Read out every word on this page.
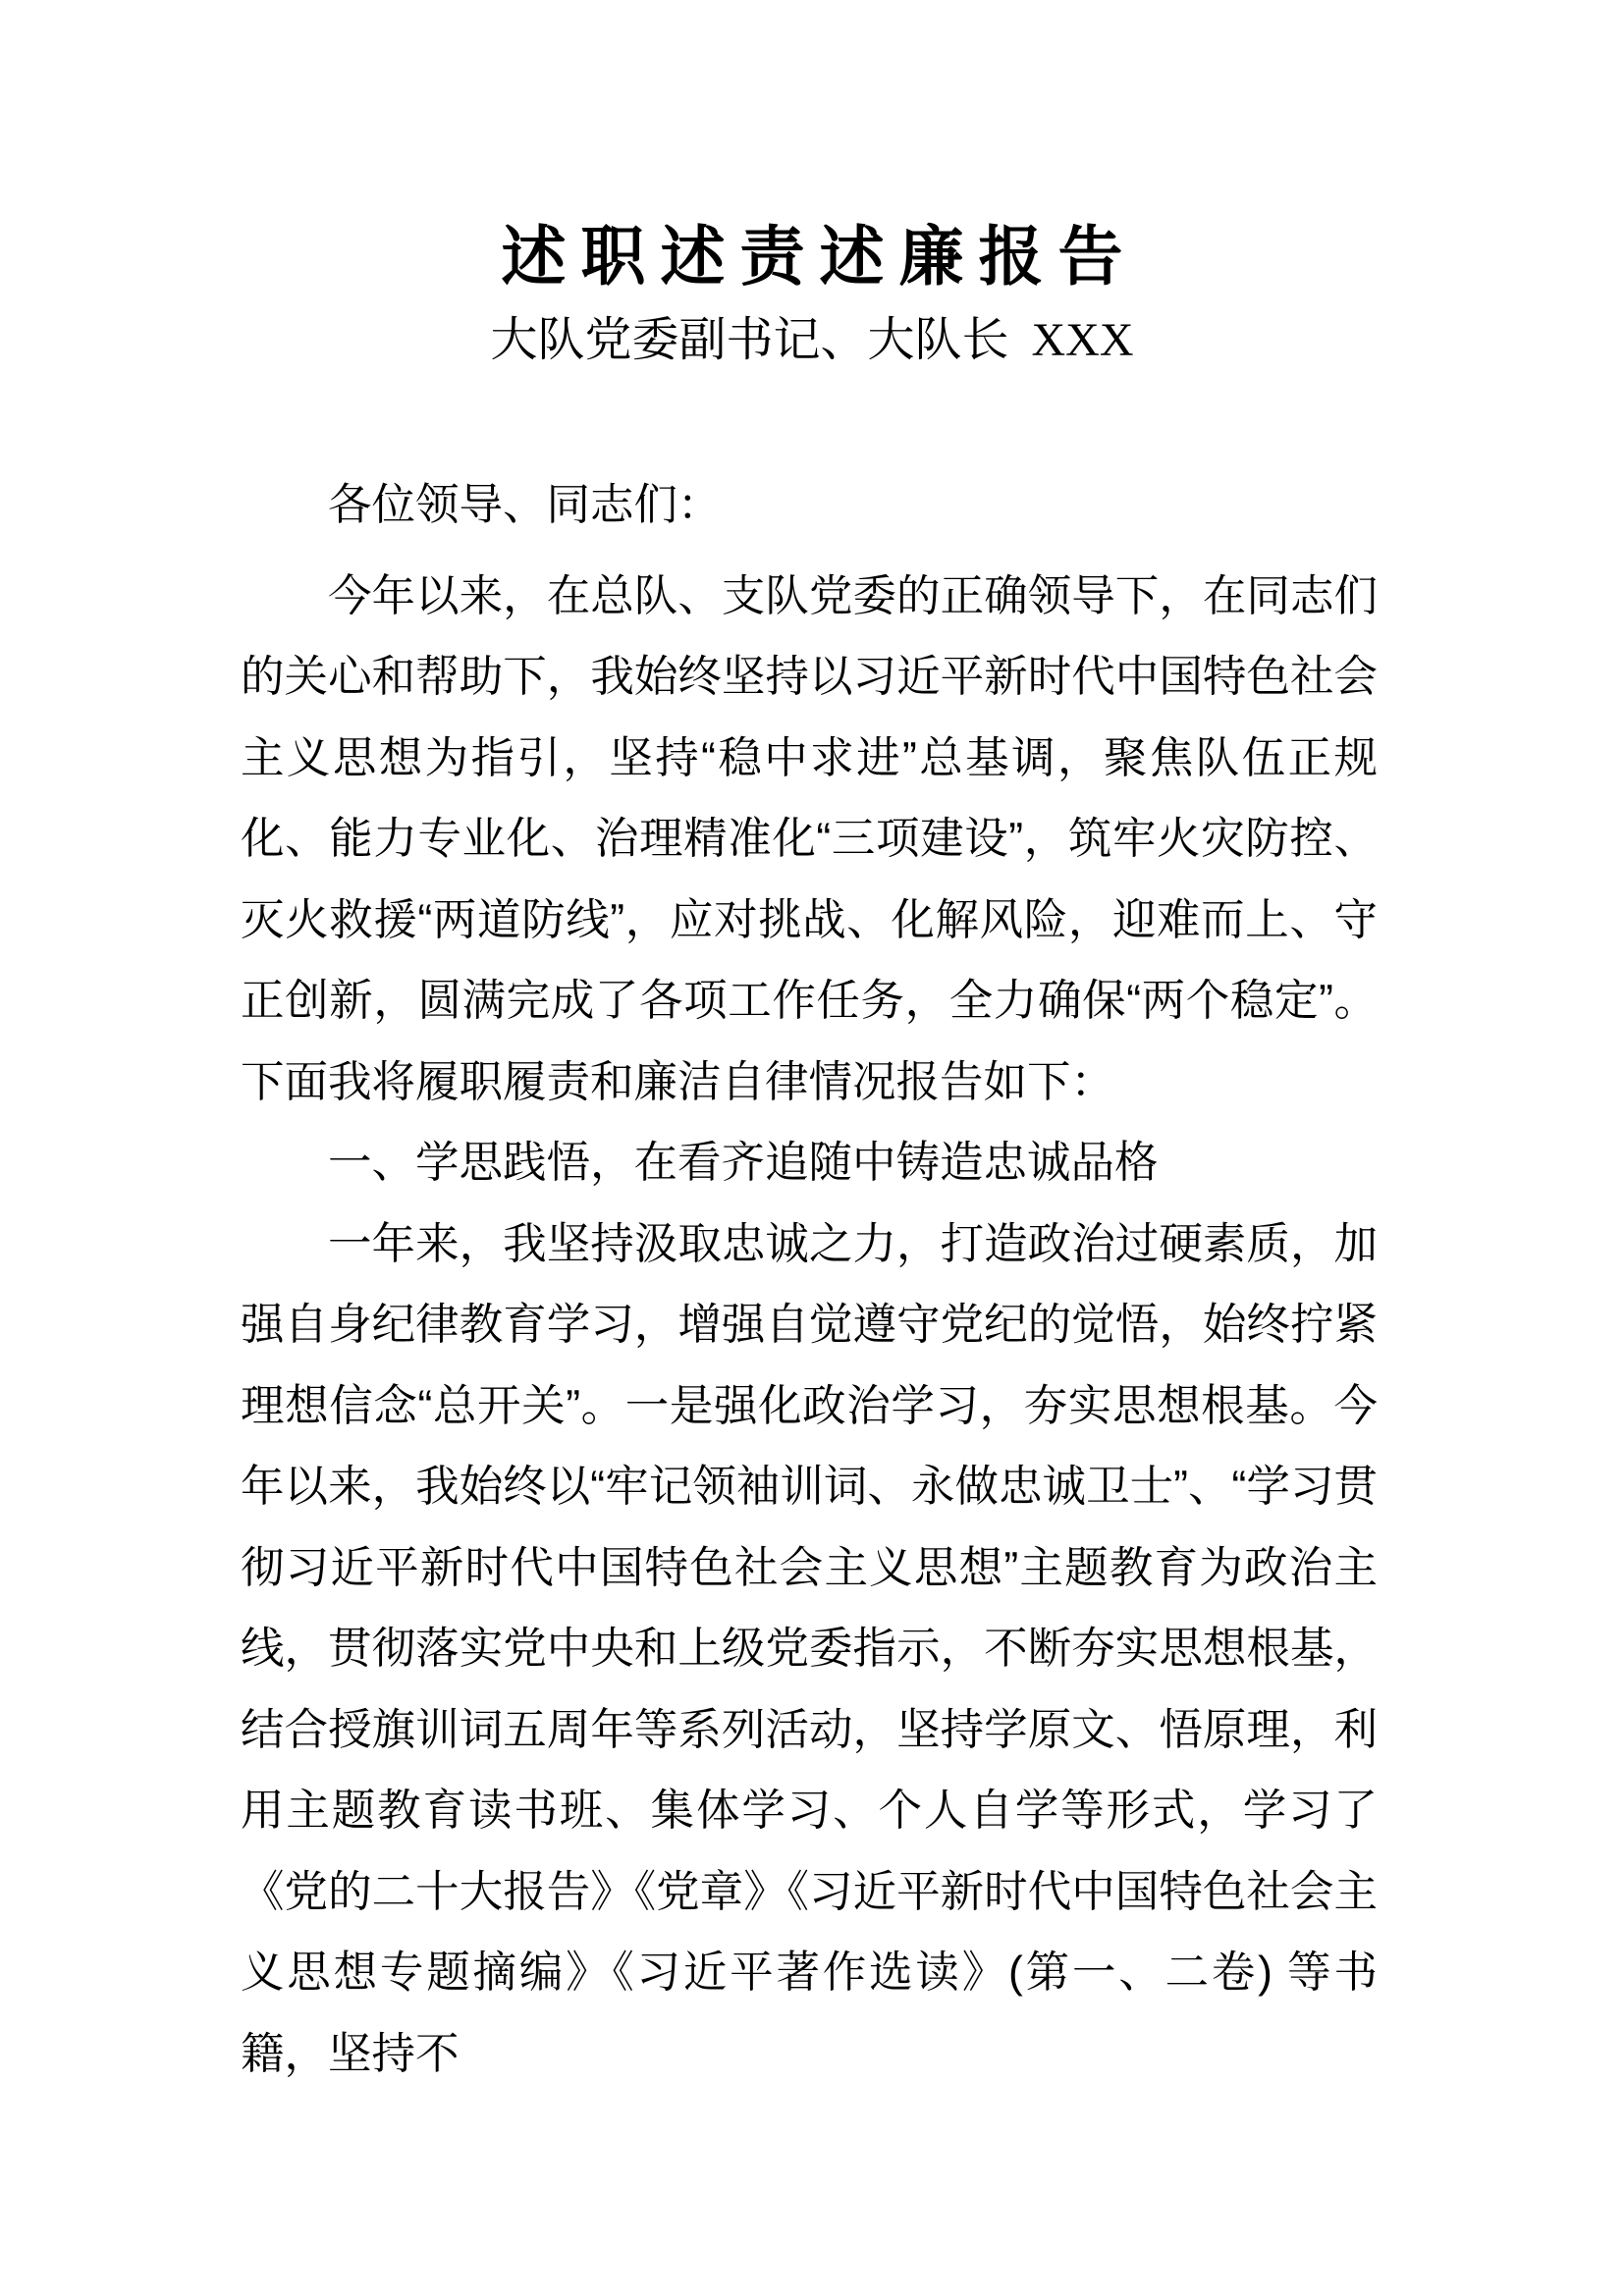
述职述责述廉报告
大队党委副书记、大队长  XXX

各位领导、同志们：

今年以来，在总队、支队党委的正确领导下，在同志们的关心和帮助下，我始终坚持以习近平新时代中国特色社会主义思想为指引，坚持“稳中求进”总基调，聚焦队伍正规化、能力专业化、治理精准化“三项建设”，筑牢火灾防控、灭火救援“两道防线”，应对挑战、化解风险，迎难而上、守正创新，圆满完成了各项工作任务，全力确保“两个稳定”。下面我将履职履责和廉洁自律情况报告如下：

一、学思践悟，在看齐追随中铸造忠诚品格

一年来，我坚持汲取忠诚之力，打造政治过硬素质，加强自身纪律教育学习，增强自觉遵守党纪的觉悟，始终拧紧理想信念“总开关”。一是强化政治学习，夯实思想根基。今年以来，我始终以“牢记领袖训词、永做忠诚卫士”、“学习贯彻习近平新时代中国特色社会主义思想”主题教育为政治主线，贯彻落实党中央和上级党委指示，不断夯实思想根基，结合授旗训词五周年等系列活动，坚持学原文、悟原理，利用主题教育读书班、集体学习、个人自学等形式，学习了《党的二十大报告》《党章》《习近平新时代中国特色社会主义思想专题摘编》《习近平著作选读》(第一、二卷) 等书籍，坚持不
